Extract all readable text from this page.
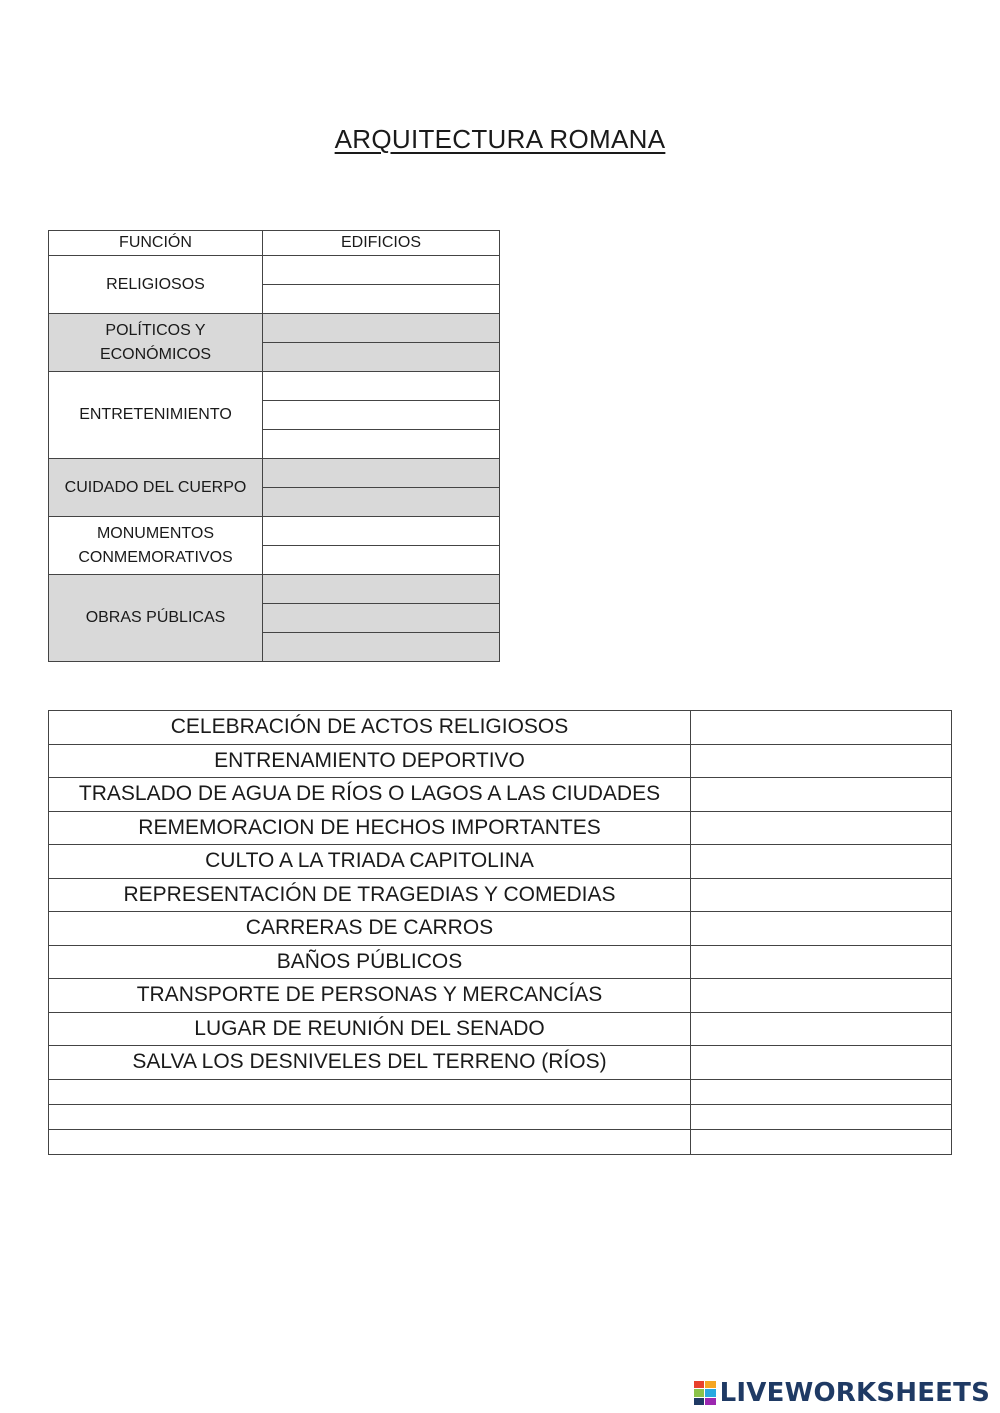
ARQUITECTURA ROMANA
FUNCIÓN	EDIFICIOS
RELIGIOSOS	

POLÍTICOS Y ECONÓMICOS	

ENTRETENIMIENTO	

CUIDADO DEL CUERPO	

MONUMENTOS CONMEMORATIVOS	

OBRAS PÚBLICAS	

CELEBRACIÓN DE ACTOS RELIGIOSOS	
ENTRENAMIENTO DEPORTIVO	
TRASLADO DE AGUA DE RÍOS O LAGOS A LAS CIUDADES	
REMEMORACION DE HECHOS IMPORTANTES	
CULTO A LA TRIADA CAPITOLINA	
REPRESENTACIÓN DE TRAGEDIAS Y COMEDIAS	
CARRERAS DE CARROS	
BAÑOS PÚBLICOS	
TRANSPORTE DE PERSONAS Y MERCANCÍAS	
LUGAR DE REUNIÓN DEL SENADO	
SALVA LOS DESNIVELES DEL TERRENO (RÍOS)	

LIVEWORKSHEETS
